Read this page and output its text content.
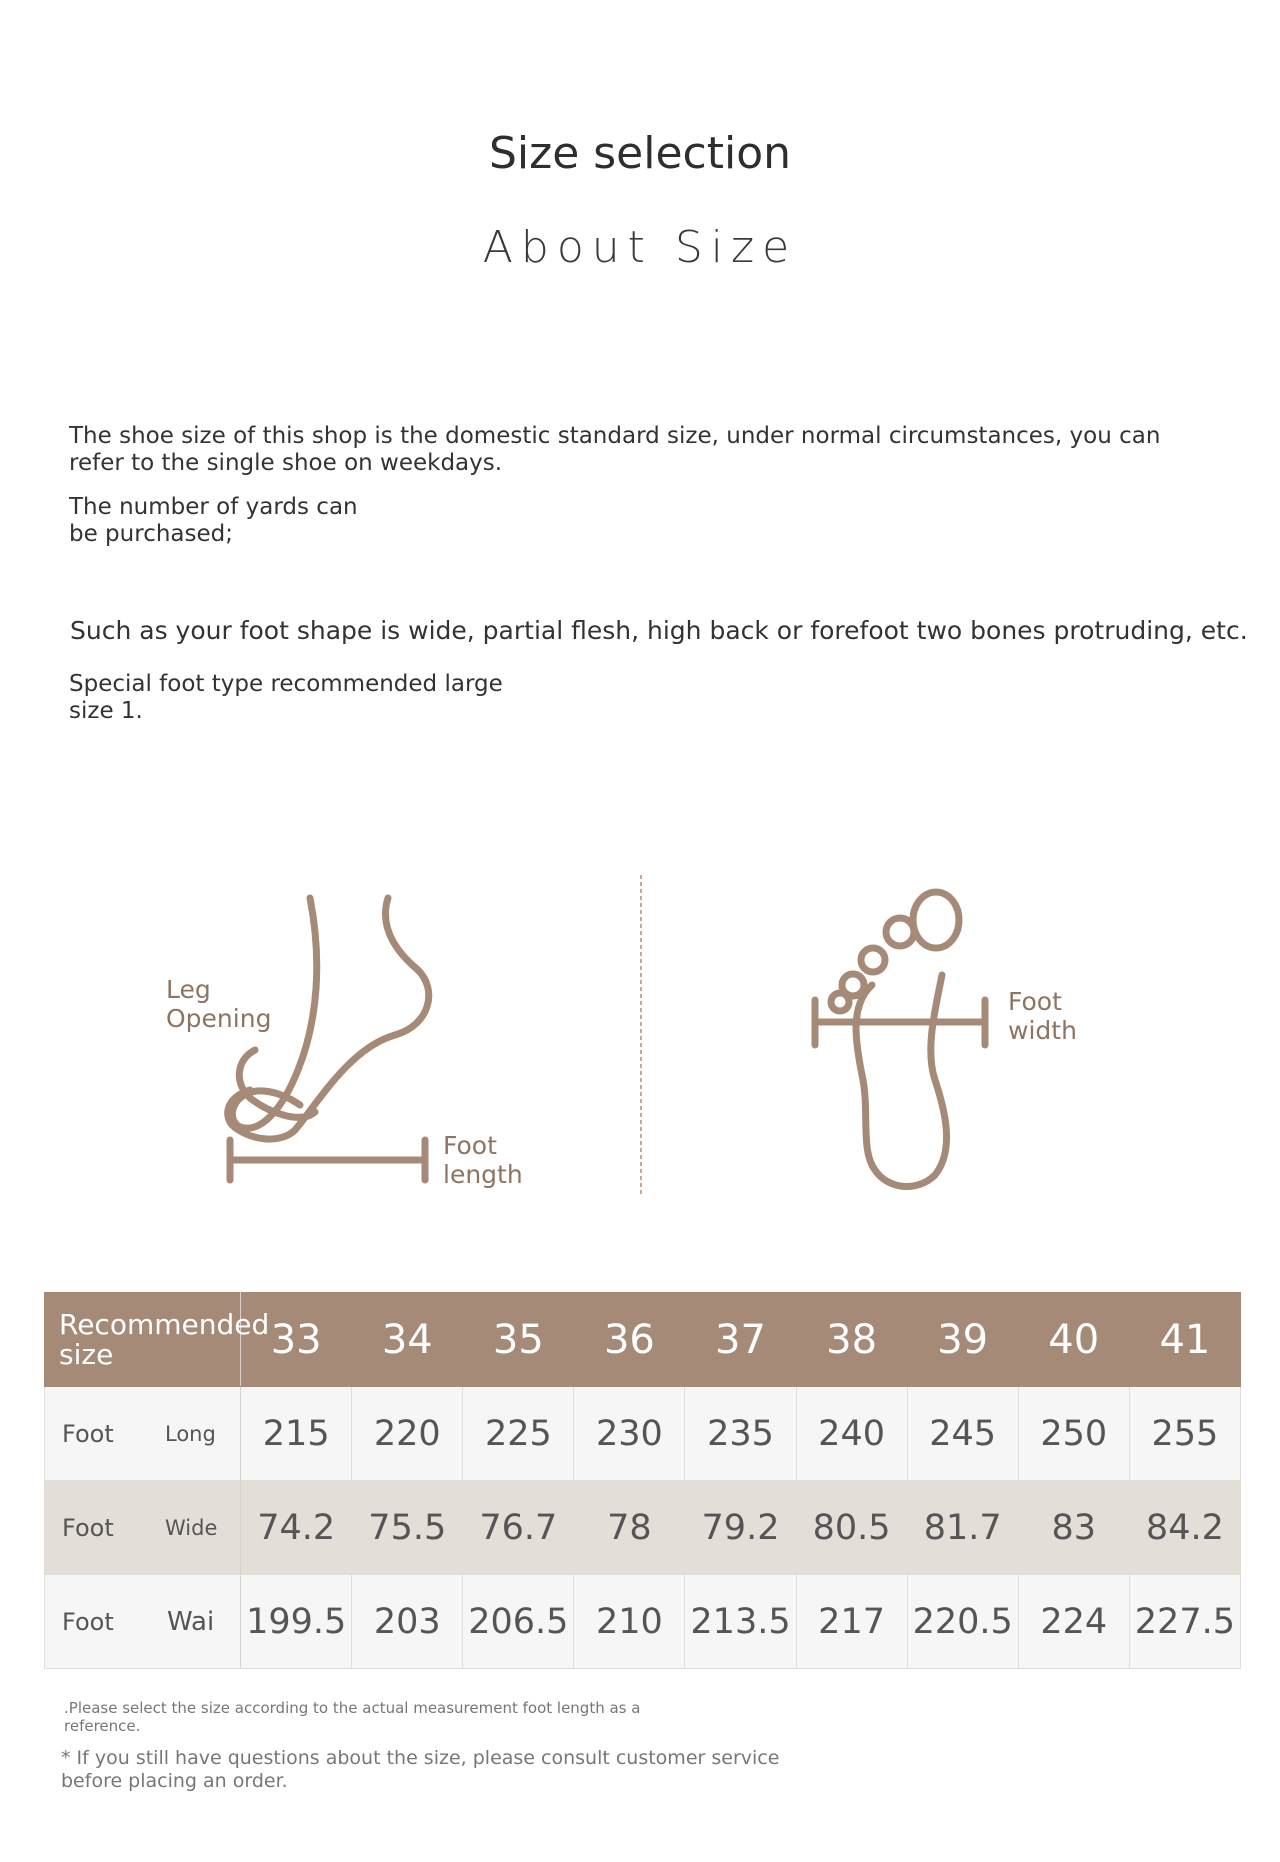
Size selection
About Size
The shoe size of this shop is the domestic standard size, under normal circumstances, you can refer to the single shoe on weekdays.
The number of yards can be purchased;
Such as your foot shape is wide, partial flesh, high back or forefoot two bones protruding, etc.
Special foot type recommended large size 1.
Leg Opening
Foot length
Foot width
Recommended size	33	34	35	36	37	38	39	40	41

Foot Long	215	220	225	230	235	240	245	250	255

Foot Wide	74.2	75.5	76.7	78	79.2	80.5	81.7	83	84.2

Foot Wai	199.5	203	206.5	210	213.5	217	220.5	224	227.5
.Please select the size according to the actual measurement foot length as a reference.
* If you still have questions about the size, please consult customer service before placing an order.
